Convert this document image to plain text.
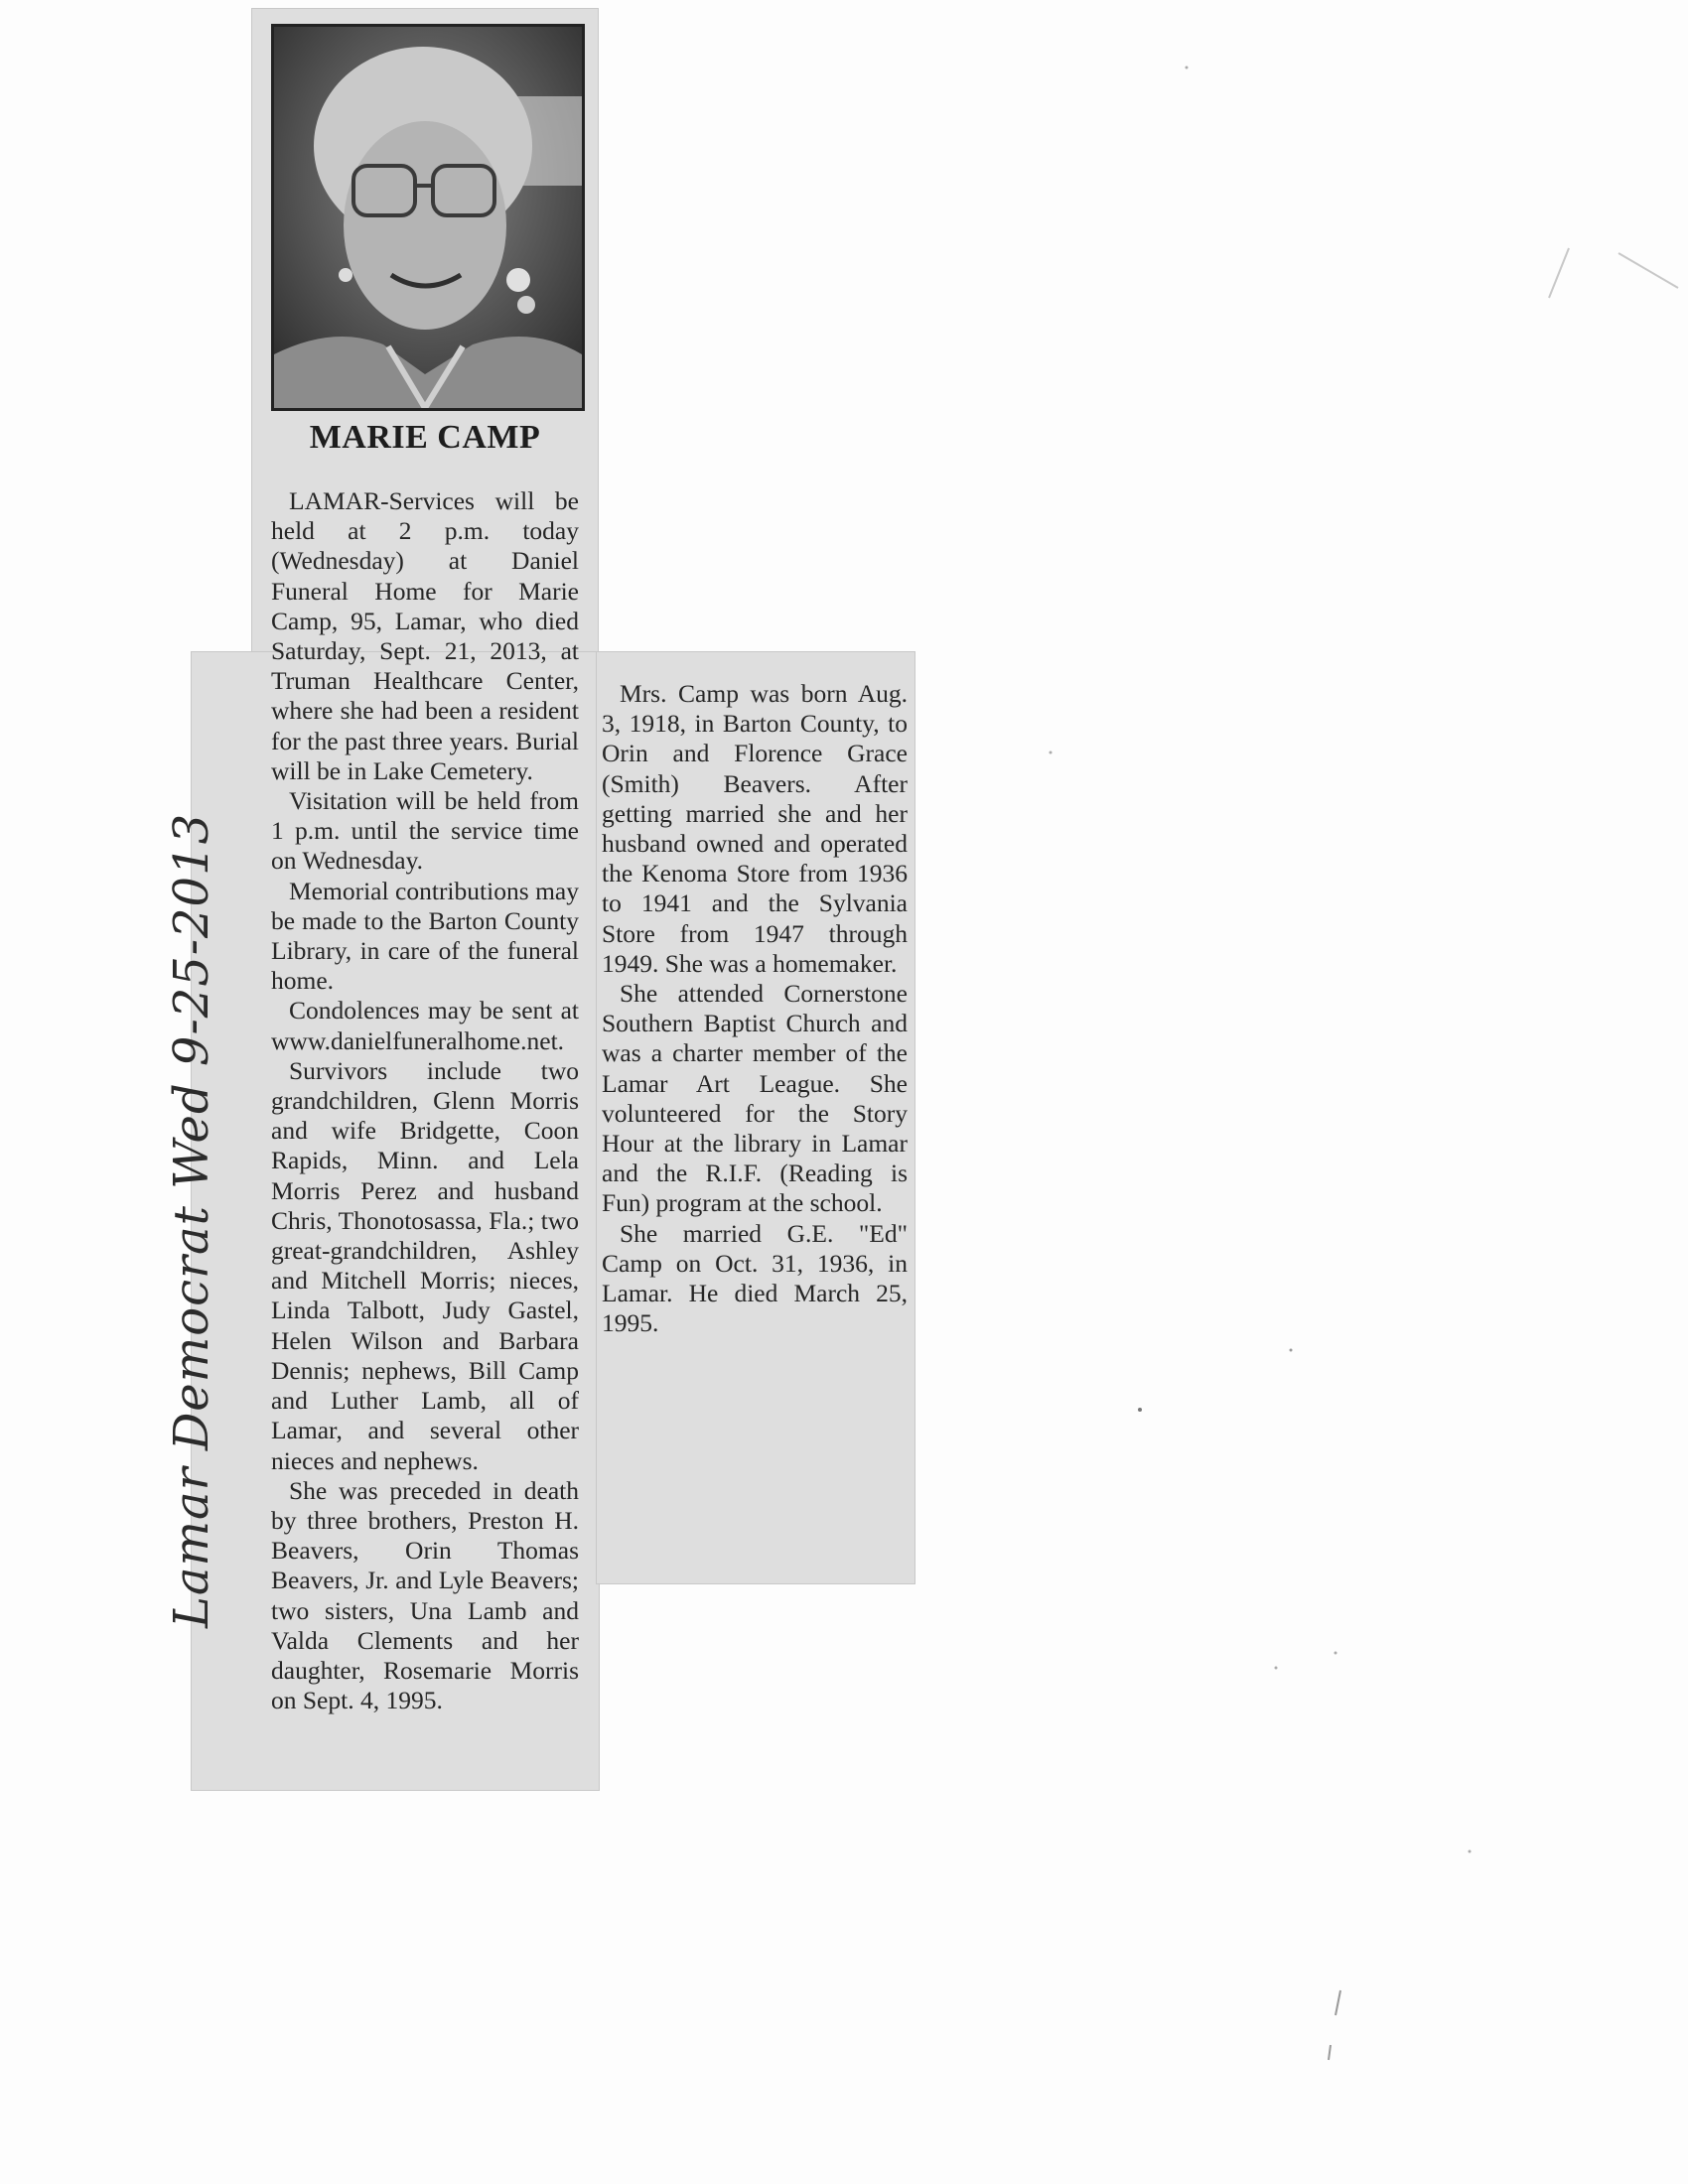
MARIE CAMP

LAMAR-Services will be held at 2 p.m. today (Wednesday) at Daniel Funeral Home for Marie Camp, 95, Lamar, who died Saturday, Sept. 21, 2013, at Truman Healthcare Center, where she had been a resident for the past three years. Burial will be in Lake Cemetery.

Visitation will be held from 1 p.m. until the service time on Wednesday.

Memorial contributions may be made to the Barton County Library, in care of the funeral home.

Condolences may be sent at www.danielfuneralhome.net.

Survivors include two grandchildren, Glenn Morris and wife Bridgette, Coon Rapids, Minn. and Lela Morris Perez and husband Chris, Thonotosassa, Fla.; two great-grandchildren, Ashley and Mitchell Morris; nieces, Linda Talbott, Judy Gastel, Helen Wilson and Barbara Dennis; nephews, Bill Camp and Luther Lamb, all of Lamar, and several other nieces and nephews.

She was preceded in death by three brothers, Preston H. Beavers, Orin Thomas Beavers, Jr. and Lyle Beavers; two sisters, Una Lamb and Valda Clements and her daughter, Rosemarie Morris on Sept. 4, 1995.

Mrs. Camp was born Aug. 3, 1918, in Barton County, to Orin and Florence Grace (Smith) Beavers. After getting married she and her husband owned and operated the Kenoma Store from 1936 to 1941 and the Sylvania Store from 1947 through 1949. She was a homemaker.

She attended Cornerstone Southern Baptist Church and was a charter member of the Lamar Art League. She volunteered for the Story Hour at the library in Lamar and the R.I.F. (Reading is Fun) program at the school.

She married G.E. "Ed" Camp on Oct. 31, 1936, in Lamar. He died March 25, 1995.

Lamar Democrat Wed 9-25-2013
